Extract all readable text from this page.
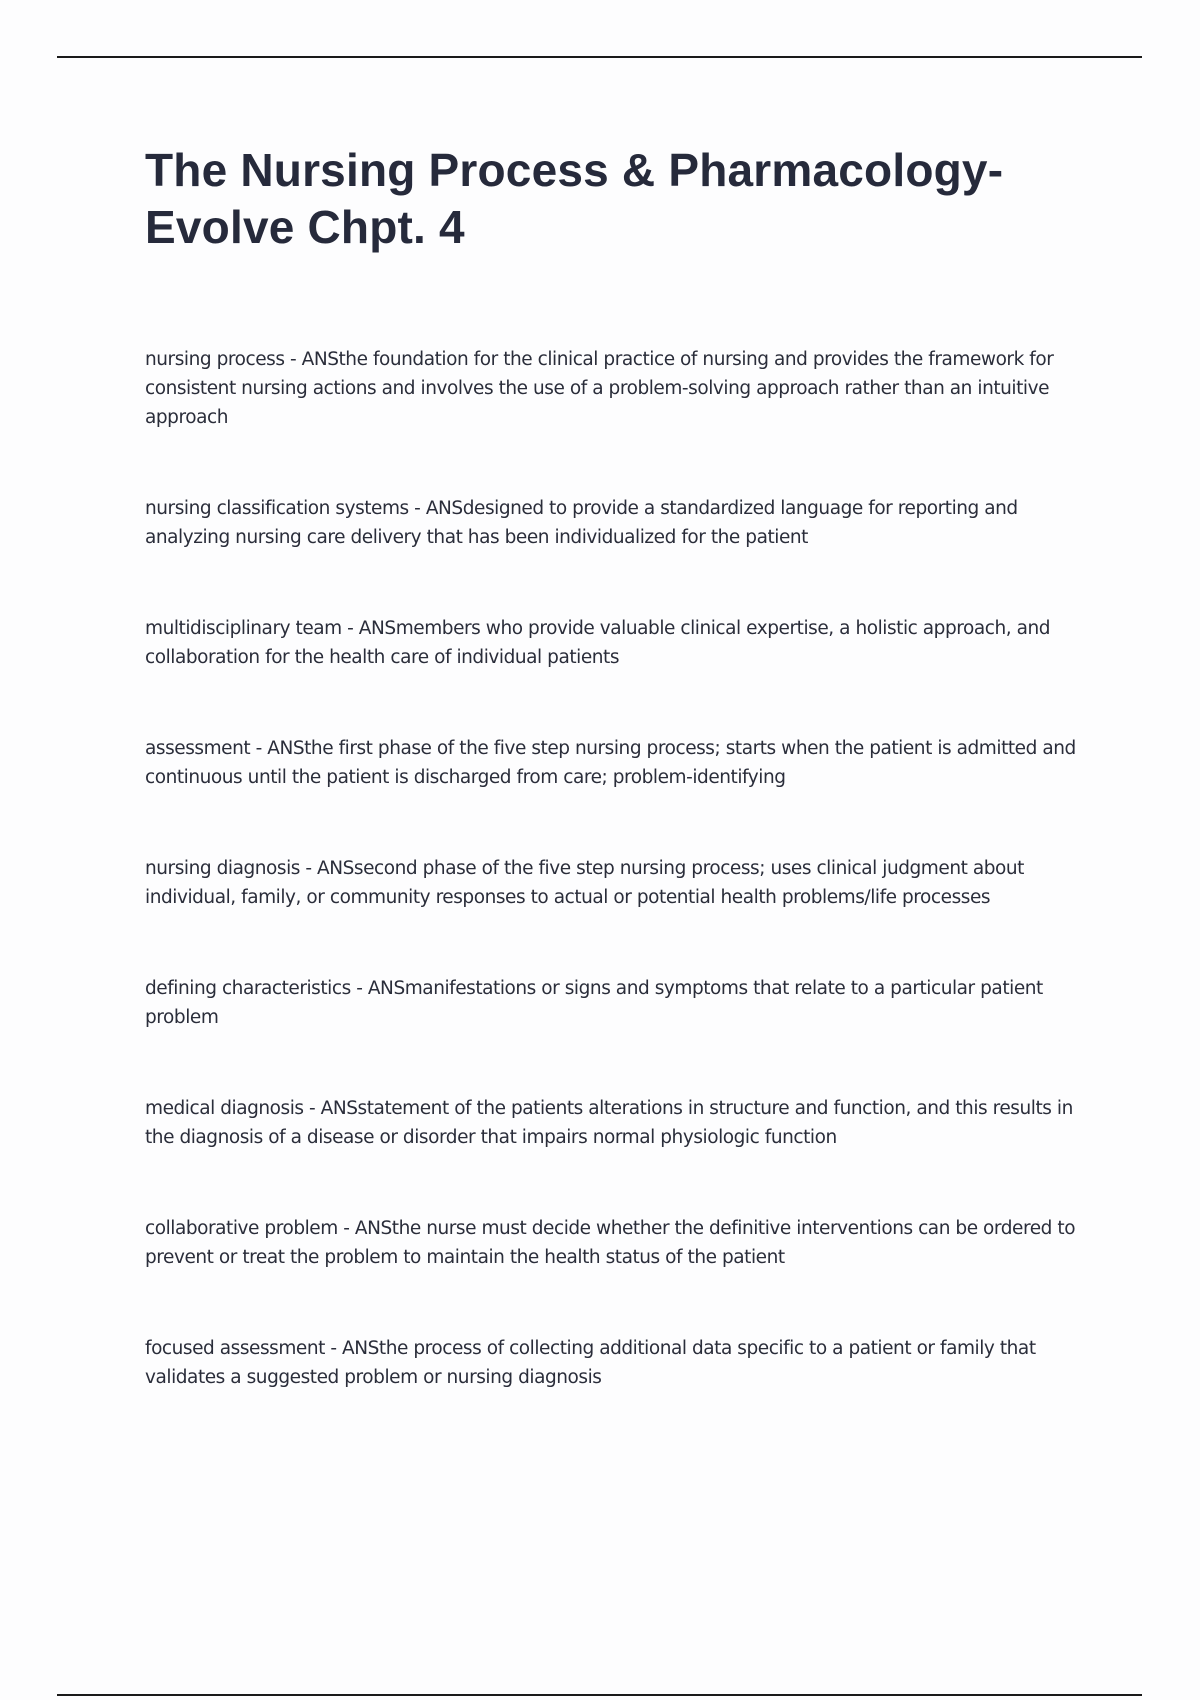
The Nursing Process & Pharmacology- Evolve Chpt. 4

nursing process - ANSthe foundation for the clinical practice of nursing and provides the framework for consistent nursing actions and involves the use of a problem-solving approach rather than an intuitive approach

nursing classification systems - ANSdesigned to provide a standardized language for reporting and analyzing nursing care delivery that has been individualized for the patient

multidisciplinary team - ANSmembers who provide valuable clinical expertise, a holistic approach, and collaboration for the health care of individual patients

assessment - ANSthe first phase of the five step nursing process; starts when the patient is admitted and continuous until the patient is discharged from care; problem-identifying

nursing diagnosis - ANSsecond phase of the five step nursing process; uses clinical judgment about individual, family, or community responses to actual or potential health problems/life processes

defining characteristics - ANSmanifestations or signs and symptoms that relate to a particular patient problem

medical diagnosis - ANSstatement of the patients alterations in structure and function, and this results in the diagnosis of a disease or disorder that impairs normal physiologic function

collaborative problem - ANSthe nurse must decide whether the definitive interventions can be ordered to prevent or treat the problem to maintain the health status of the patient

focused assessment - ANSthe process of collecting additional data specific to a patient or family that validates a suggested problem or nursing diagnosis
